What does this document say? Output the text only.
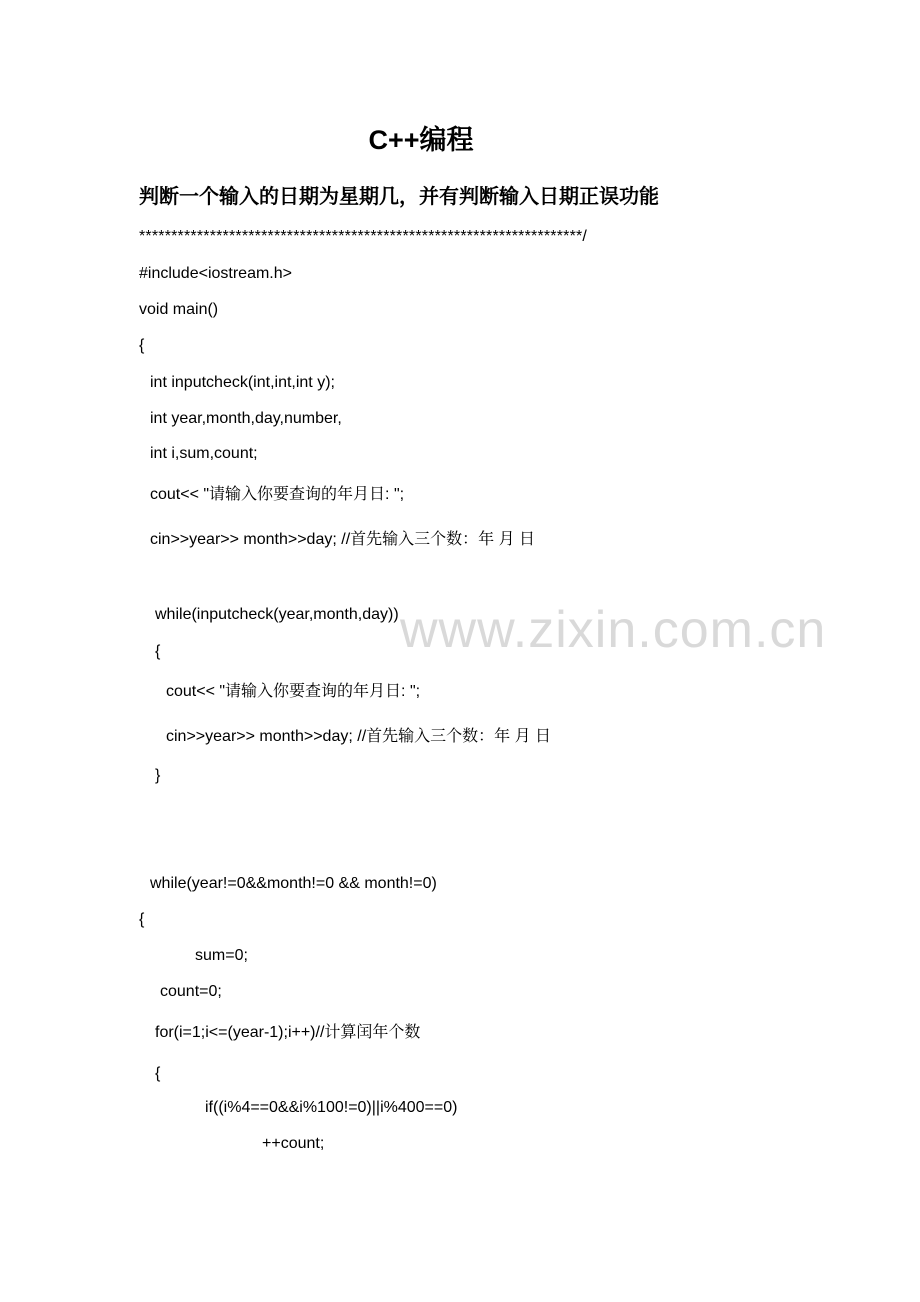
C++编程
判断一个输入的日期为星期几，并有判断输入日期正误功能
*********************************************************************/
#include<iostream.h>
void main()
{
int inputcheck(int,int,int y);
int year,month,day,number,
int i,sum,count;
cout<< "请输入你要查询的年月日: ";
cin>>year>> month>>day; //首先输入三个数：年 月 日
while(inputcheck(year,month,day))
{
cout<< "请输入你要查询的年月日: ";
cin>>year>> month>>day; //首先输入三个数：年 月 日
}
while(year!=0&&month!=0 && month!=0)
{
sum=0;
count=0;
for(i=1;i<=(year-1);i++)//计算闰年个数
{
if((i%4==0&&i%100!=0)||i%400==0)
++count;
www.zixin.com.cn
